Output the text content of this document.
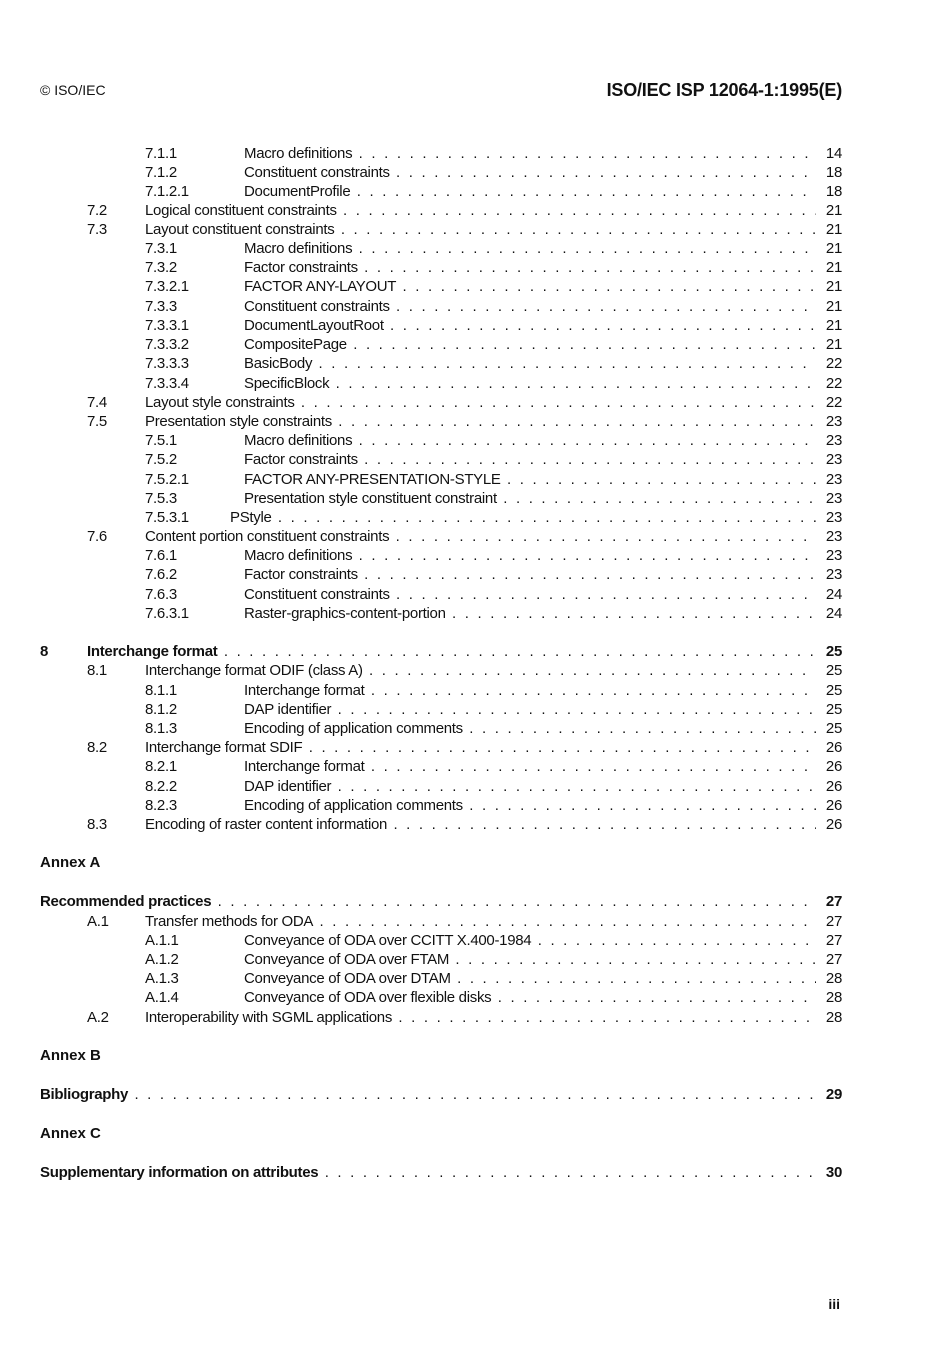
© ISO/IEC	ISO/IEC ISP 12064-1:1995(E)
7.1.1	Macro definitions . . .	14
7.1.2	Constituent constraints . . .	18
7.1.2.1	DocumentProfile . . .	18
7.2	Logical constituent constraints . . .	21
7.3	Layout constituent constraints . . .	21
7.3.1	Macro definitions . . .	21
7.3.2	Factor constraints . . .	21
7.3.2.1	FACTOR ANY-LAYOUT . . .	21
7.3.3	Constituent constraints . . .	21
7.3.3.1	DocumentLayoutRoot . . .	21
7.3.3.2	CompositePage . . .	21
7.3.3.3	BasicBody . . .	22
7.3.3.4	SpecificBlock . . .	22
7.4	Layout style constraints . . .	22
7.5	Presentation style constraints . . .	23
7.5.1	Macro definitions . . .	23
7.5.2	Factor constraints . . .	23
7.5.2.1	FACTOR ANY-PRESENTATION-STYLE . . .	23
7.5.3	Presentation style constituent constraint . . .	23
7.5.3.1	PStyle . . .	23
7.6	Content portion constituent constraints . . .	23
7.6.1	Macro definitions . . .	23
7.6.2	Factor constraints . . .	23
7.6.3	Constituent constraints . . .	24
7.6.3.1	Raster-graphics-content-portion . . .	24
8	Interchange format . . .	25
8.1	Interchange format ODIF (class A) . . .	25
8.1.1	Interchange format . . .	25
8.1.2	DAP identifier . . .	25
8.1.3	Encoding of application comments . . .	25
8.2	Interchange format SDIF . . .	26
8.2.1	Interchange format . . .	26
8.2.2	DAP identifier . . .	26
8.2.3	Encoding of application comments . . .	26
8.3	Encoding of raster content information . . .	26
Annex A
Recommended practices . . .	27
A.1 Transfer methods for ODA . . .	27
A.1.1	Conveyance of ODA over CCITT X.400-1984 . . .	27
A.1.2	Conveyance of ODA over FTAM . . .	27
A.1.3	Conveyance of ODA over DTAM . . .	28
A.1.4	Conveyance of ODA over flexible disks . . .	28
A.2 Interoperability with SGML applications . . .	28
Annex B
Bibliography . . .	29
Annex C
Supplementary information on attributes . . .	30
iii
